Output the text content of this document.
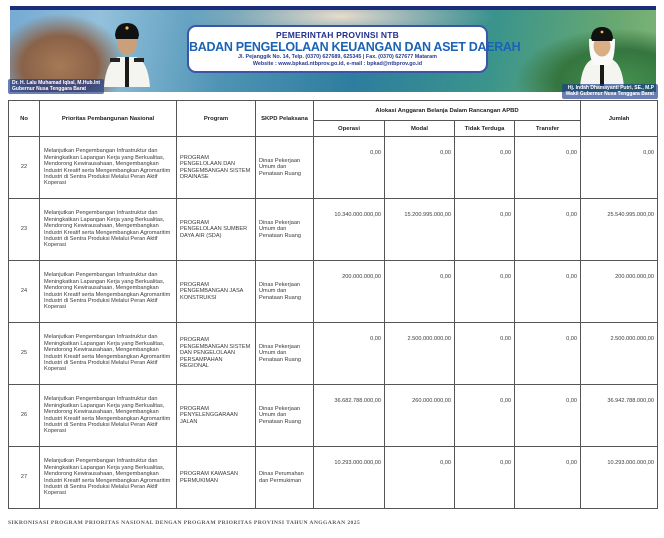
PEMERINTAH PROVINSI NTB
BADAN PENGELOLAAN KEUANGAN DAN ASET DAERAH
Jl. Pejanggik No. 14, Telp. (0370) 627689, 625345 | Fax. (0370) 627677 Mataram
Website : www.bpkad.ntbprov.go.id, e-mail : bpkad@ntbprov.go.id
Dr. H. Lalu Muhamad Iqbal, M.Hub.Int
Gubernur Nusa Tenggara Barat	Hj. Indah Dhamayanti Putri, SE., M.P
Wakil Gubernur Nusa Tenggara Barat
No	Prioritas Pembangunan Nasional	Program	SKPD Pelaksana	Alokasi Anggaran Belanja Dalam Rancangan APBD				Jumlah
				Operasi	Modal	Tidak Terduga	Transfer	
22	Melanjutkan Pengembangan Infrastruktur dan Meningkatkan Lapangan Kerja yang Berkualitas, Mendorong Kewirausahaan, Mengembangkan Industri Kreatif serta Mengembangkan Agromaritim Industri di Sentra Produksi Melalui Peran Aktif Koperasi	PROGRAM PENGELOLAAN DAN PENGEMBANGAN SISTEM DRAINASE	Dinas Pekerjaan Umum dan Penataan Ruang	0,00	0,00	0,00	0,00	0,00
23	Melanjutkan Pengembangan Infrastruktur dan Meningkatkan Lapangan Kerja yang Berkualitas, Mendorong Kewirausahaan, Mengembangkan Industri Kreatif serta Mengembangkan Agromaritim Industri di Sentra Produksi Melalui Peran Aktif Koperasi	PROGRAM PENGELOLAAN SUMBER DAYA AIR (SDA)	Dinas Pekerjaan Umum dan Penataan Ruang	10.340.000.000,00	15.200.995.000,00	0,00	0,00	25.540.995.000,00
24	Melanjutkan Pengembangan Infrastruktur dan Meningkatkan Lapangan Kerja yang Berkualitas, Mendorong Kewirausahaan, Mengembangkan Industri Kreatif serta Mengembangkan Agromaritim Industri di Sentra Produksi Melalui Peran Aktif Koperasi	PROGRAM PENGEMBANGAN JASA KONSTRUKSI	Dinas Pekerjaan Umum dan Penataan Ruang	200.000.000,00	0,00	0,00	0,00	200.000.000,00
25	Melanjutkan Pengembangan Infrastruktur dan Meningkatkan Lapangan Kerja yang Berkualitas, Mendorong Kewirausahaan, Mengembangkan Industri Kreatif serta Mengembangkan Agromaritim Industri di Sentra Produksi Melalui Peran Aktif Koperasi	PROGRAM PENGEMBANGAN SISTEM DAN PENGELOLAAN PERSAMPAHAN REGIONAL	Dinas Pekerjaan Umum dan Penataan Ruang	0,00	2.500.000.000,00	0,00	0,00	2.500.000.000,00
26	Melanjutkan Pengembangan Infrastruktur dan Meningkatkan Lapangan Kerja yang Berkualitas, Mendorong Kewirausahaan, Mengembangkan Industri Kreatif serta Mengembangkan Agromaritim Industri di Sentra Produksi Melalui Peran Aktif Koperasi	PROGRAM PENYELENGGARAAN JALAN	Dinas Pekerjaan Umum dan Penataan Ruang	36.682.788.000,00	260.000.000,00	0,00	0,00	36.942.788.000,00
27	Melanjutkan Pengembangan Infrastruktur dan Meningkatkan Lapangan Kerja yang Berkualitas, Mendorong Kewirausahaan, Mengembangkan Industri Kreatif serta Mengembangkan Agromaritim Industri di Sentra Produksi Melalui Peran Aktif Koperasi	PROGRAM KAWASAN PERMUKIMAN	Dinas Perumahan dan Permukiman	10.293.000.000,00	0,00	0,00	0,00	10.293.000.000,00
SIKRONISASI PROGRAM PRIORITAS NASIONAL DENGAN PROGRAM PRIORITAS PROVINSI TAHUN ANGGARAN 2025
